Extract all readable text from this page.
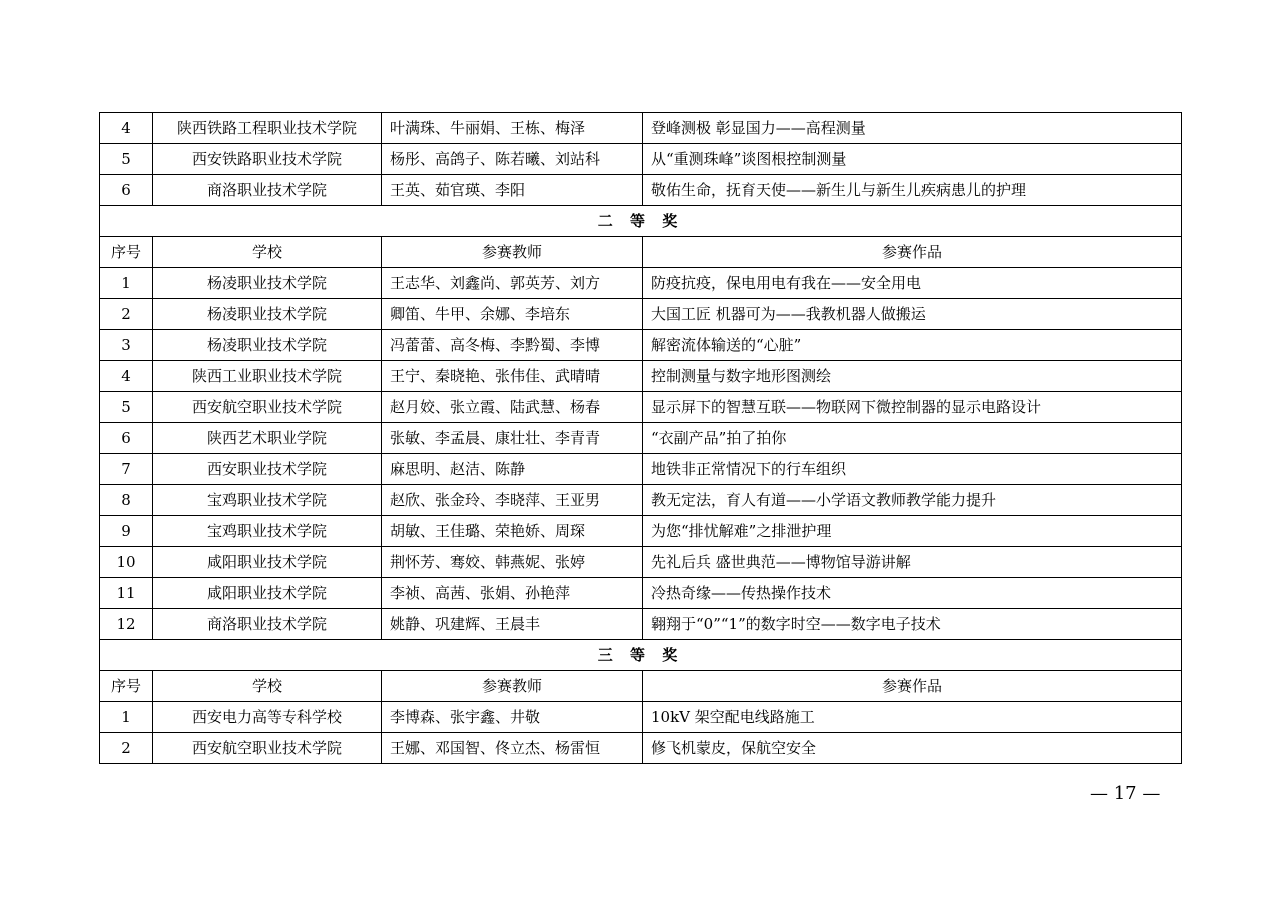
4	陕西铁路工程职业技术学院	叶满珠、牛丽娟、王栋、梅泽	登峰测极 彰显国力——高程测量
5	西安铁路职业技术学院	杨彤、高鸽子、陈若曦、刘站科	从“重测珠峰”谈图根控制测量
6	商洛职业技术学院	王英、茹官瑛、李阳	敬佑生命，抚育天使——新生儿与新生儿疾病患儿的护理
二 等 奖			
序号	学校	参赛教师	参赛作品
1	杨凌职业技术学院	王志华、刘鑫尚、郭英芳、刘方	防疫抗疫，保电用电有我在——安全用电
2	杨凌职业技术学院	卿笛、牛甲、余娜、李培东	大国工匠 机器可为——我教机器人做搬运
3	杨凌职业技术学院	冯蕾蕾、高冬梅、李黔蜀、李博	解密流体输送的“心脏”
4	陕西工业职业技术学院	王宁、秦晓艳、张伟佳、武晴晴	控制测量与数字地形图测绘
5	西安航空职业技术学院	赵月姣、张立霞、陆武慧、杨春	显示屏下的智慧互联——物联网下微控制器的显示电路设计
6	陕西艺术职业学院	张敏、李孟晨、康壮壮、李青青	“衣副产品”拍了拍你
7	西安职业技术学院	麻思明、赵洁、陈静	地铁非正常情况下的行车组织
8	宝鸡职业技术学院	赵欣、张金玲、李晓萍、王亚男	教无定法，育人有道——小学语文教师教学能力提升
9	宝鸡职业技术学院	胡敏、王佳璐、荣艳娇、周琛	为您“排忧解难”之排泄护理
10	咸阳职业技术学院	荆怀芳、骞姣、韩燕妮、张婷	先礼后兵 盛世典范——博物馆导游讲解
11	咸阳职业技术学院	李祯、高茜、张娟、孙艳萍	冷热奇缘——传热操作技术
12	商洛职业技术学院	姚静、巩建辉、王晨丰	翱翔于“0”“1”的数字时空——数字电子技术
三 等 奖			
序号	学校	参赛教师	参赛作品
1	西安电力高等专科学校	李博森、张宇鑫、井敬	10kV 架空配电线路施工
2	西安航空职业技术学院	王娜、邓国智、佟立杰、杨雷恒	修飞机蒙皮，保航空安全
— 17 —
